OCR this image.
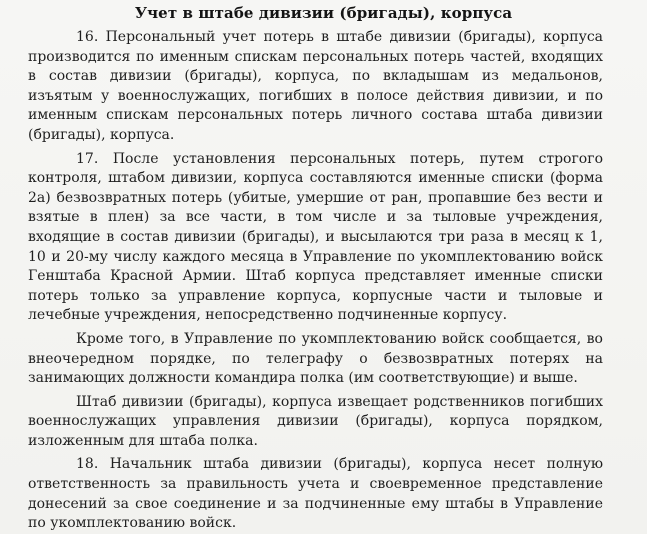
Учет в штабе дивизии (бригады), корпуса

16. Персональный учет потерь в штабе дивизии (бригады), корпуса производится по именным спискам персональных потерь частей, входящих в состав дивизии (бригады), корпуса, по вкладышам из медальонов, изъятым у военнослужащих, погибших в полосе действия дивизии, и по именным спискам персональных потерь личного состава штаба дивизии (бригады), корпуса.

17. После установления персональных потерь, путем строгого контроля, штабом дивизии, корпуса составляются именные списки (форма 2а) безвозвратных потерь (убитые, умершие от ран, пропавшие без вести и взятые в плен) за все части, в том числе и за тыловые учреждения, входящие в состав дивизии (бригады), и высылаются три раза в месяц к 1, 10 и 20-му числу каждого месяца в Управление по укомплектованию войск Генштаба Красной Армии. Штаб корпуса представляет именные списки потерь только за управление корпуса, корпусные части и тыловые и лечебные учреждения, непосредственно подчиненные корпусу.

Кроме того, в Управление по укомплектованию войск сообщается, во внеочередном порядке, по телеграфу о безвозвратных потерях на занимающих должности командира полка (им соответствующие) и выше.

Штаб дивизии (бригады), корпуса извещает родственников погибших военнослужащих управления дивизии (бригады), корпуса порядком, изложенным для штаба полка.

18. Начальник штаба дивизии (бригады), корпуса несет полную ответственность за правильность учета и своевременное представление донесений за свое соединение и за подчиненные ему штабы в Управление по укомплектованию войск.
